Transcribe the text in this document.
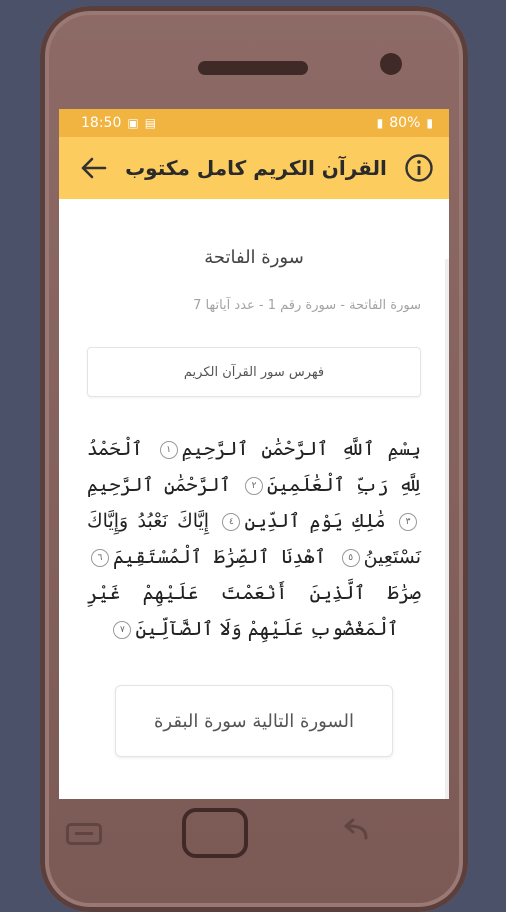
18:50 ▣ ▤	▮ 80% ▮
القرآن الكريم كامل مكتوب
سورة الفاتحة
سورة الفاتحة - سورة رقم 1 - عدد آياتها 7
فهرس سور القرآن الكريم
بِسْمِ ٱللَّهِ ٱلرَّحْمَٰنِ ٱلرَّحِيمِ١ ٱلْحَمْدُ لِلَّهِ رَبِّ ٱلْعَٰلَمِينَ٢ ٱلرَّحْمَٰنِ ٱلرَّحِيمِ٣ مَٰلِكِ يَوْمِ ٱلدِّينِ٤ إِيَّاكَ نَعْبُدُ وَإِيَّاكَ نَسْتَعِينُ٥ ٱهْدِنَا ٱلصِّرَٰطَ ٱلْمُسْتَقِيمَ٦ صِرَٰطَ ٱلَّذِينَ أَنْعَمْتَ عَلَيْهِمْ غَيْرِ ٱلْمَغْضُوبِ عَلَيْهِمْ وَلَا ٱلضَّآلِّينَ٧
السورة التالية سورة البقرة
